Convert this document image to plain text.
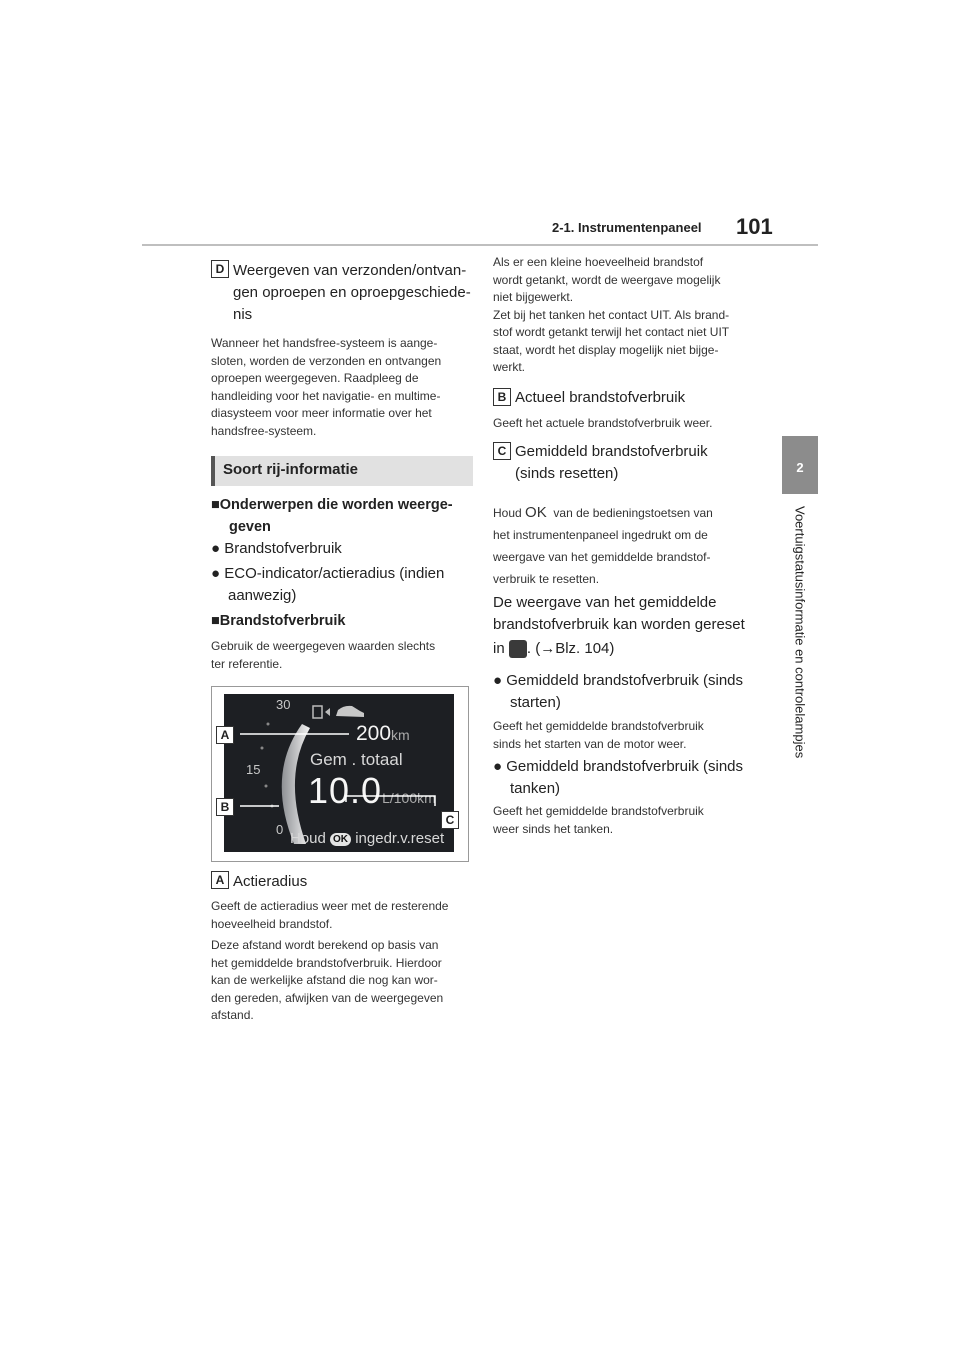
2-1. Instrumentenpaneel 101
2
Voertuigstatusinformatie en controlelampjes
D Weergeven van verzonden/ontvan-
gen oproepen en oproepgeschiede-
nis
Wanneer het handsfree-systeem is aange-
sloten, worden de verzonden en ontvangen
oproepen weergegeven. Raadpleeg de
handleiding voor het navigatie- en multime-
diasysteem voor meer informatie over het
handsfree-systeem.
Soort rij-informatie
■Onderwerpen die worden weerge-
geven
● Brandstofverbruik
● ECO-indicator/actieradius (indien
aanwezig)
■Brandstofverbruik
Gebruik de weergegeven waarden slechts
ter referentie.
30
15
0
200km
Gem . totaal
10.0L/100km
Houd OK ingedr.v.reset
A
B
C
A Actieradius
Geeft de actieradius weer met de resterende
hoeveelheid brandstof.
Deze afstand wordt berekend op basis van
het gemiddelde brandstofverbruik. Hierdoor
kan de werkelijke afstand die nog kan wor-
den gereden, afwijken van de weergegeven
afstand.
Als er een kleine hoeveelheid brandstof
wordt getankt, wordt de weergave mogelijk
niet bijgewerkt.
Zet bij het tanken het contact UIT. Als brand-
stof wordt getankt terwijl het contact niet UIT
staat, wordt het display mogelijk niet bijge-
werkt.
B Actueel brandstofverbruik
Geeft het actuele brandstofverbruik weer.
C Gemiddeld brandstofverbruik
(sinds resetten)
Houd OK van de bedieningstoetsen van
het instrumentenpaneel ingedrukt om de
weergave van het gemiddelde brandstof-
verbruik te resetten.
De weergave van het gemiddelde
brandstofverbruik kan worden gereset
in . (→Blz. 104)
● Gemiddeld brandstofverbruik (sinds
starten)
Geeft het gemiddelde brandstofverbruik
sinds het starten van de motor weer.
● Gemiddeld brandstofverbruik (sinds
tanken)
Geeft het gemiddelde brandstofverbruik
weer sinds het tanken.
